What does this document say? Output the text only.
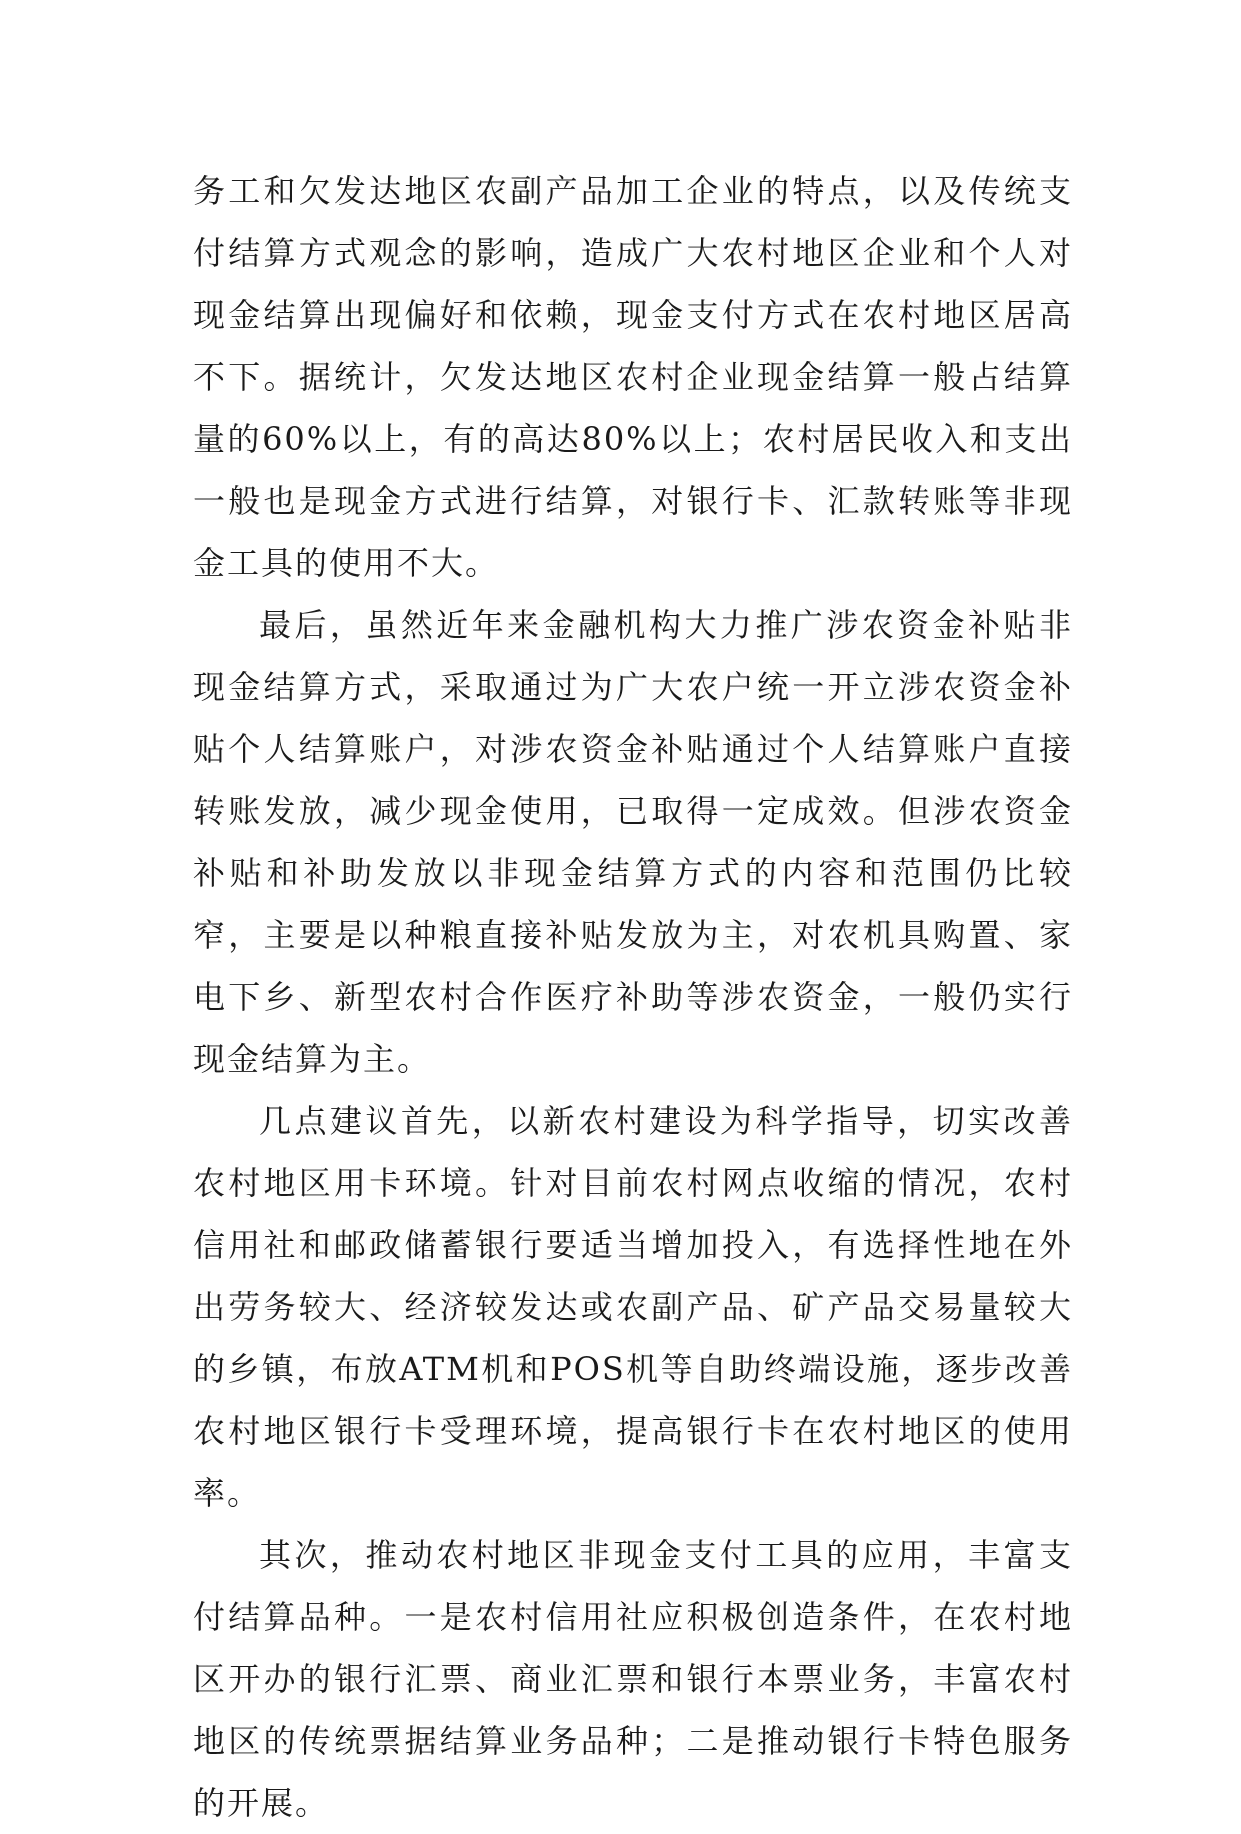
务工和欠发达地区农副产品加工企业的特点，以及传统支付结算方式观念的影响，造成广大农村地区企业和个人对现金结算出现偏好和依赖，现金支付方式在农村地区居高不下。据统计，欠发达地区农村企业现金结算一般占结算量的60%以上，有的高达80%以上；农村居民收入和支出一般也是现金方式进行结算，对银行卡、汇款转账等非现金工具的使用不大。

最后，虽然近年来金融机构大力推广涉农资金补贴非现金结算方式，采取通过为广大农户统一开立涉农资金补贴个人结算账户，对涉农资金补贴通过个人结算账户直接转账发放，减少现金使用，已取得一定成效。但涉农资金补贴和补助发放以非现金结算方式的内容和范围仍比较窄，主要是以种粮直接补贴发放为主，对农机具购置、家电下乡、新型农村合作医疗补助等涉农资金，一般仍实行现金结算为主。

几点建议首先，以新农村建设为科学指导，切实改善农村地区用卡环境。针对目前农村网点收缩的情况，农村信用社和邮政储蓄银行要适当增加投入，有选择性地在外出劳务较大、经济较发达或农副产品、矿产品交易量较大的乡镇，布放ATM机和POS机等自助终端设施，逐步改善农村地区银行卡受理环境，提高银行卡在农村地区的使用率。

其次，推动农村地区非现金支付工具的应用，丰富支付结算品种。一是农村信用社应积极创造条件，在农村地区开办的银行汇票、商业汇票和银行本票业务，丰富农村地区的传统票据结算业务品种；二是推动银行卡特色服务的开展。
